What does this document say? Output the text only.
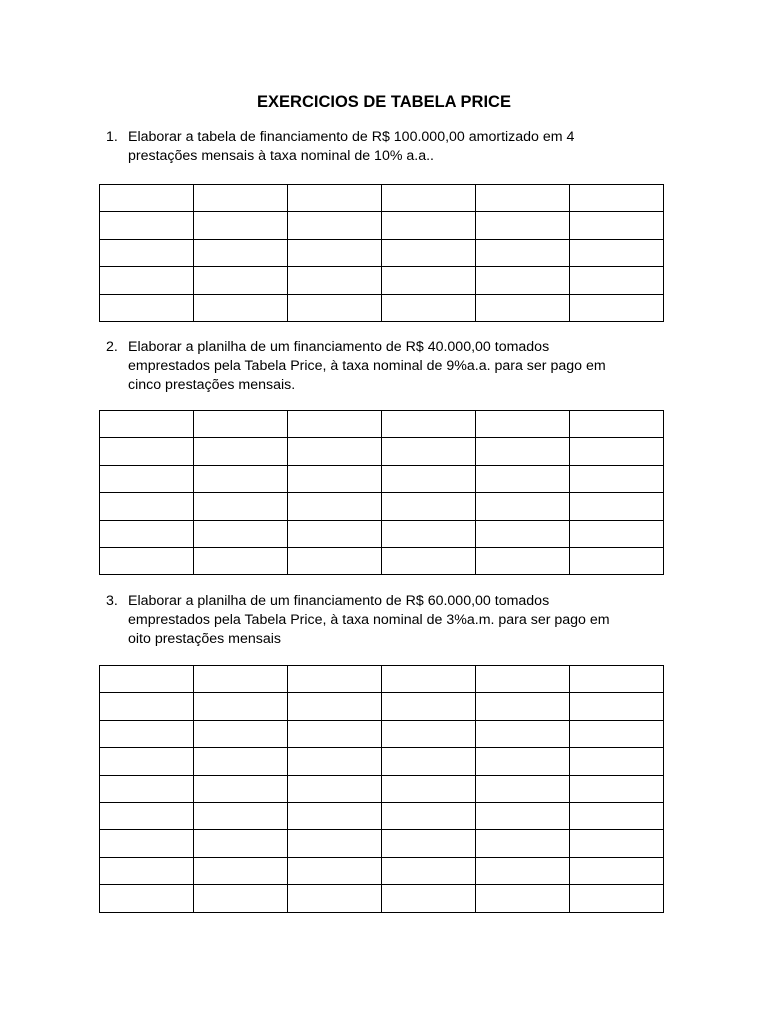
EXERCICIOS DE TABELA PRICE
1. Elaborar a tabela de financiamento de R$ 100.000,00 amortizado em 4
prestações mensais à taxa nominal de 10% a.a..

2. Elaborar a planilha de um financiamento de R$ 40.000,00 tomados
emprestados pela Tabela Price, à taxa nominal de 9%a.a. para ser pago em
cinco prestações mensais.

3. Elaborar a planilha de um financiamento de R$ 60.000,00 tomados
emprestados pela Tabela Price, à taxa nominal de 3%a.m. para ser pago em
oito prestações mensais
